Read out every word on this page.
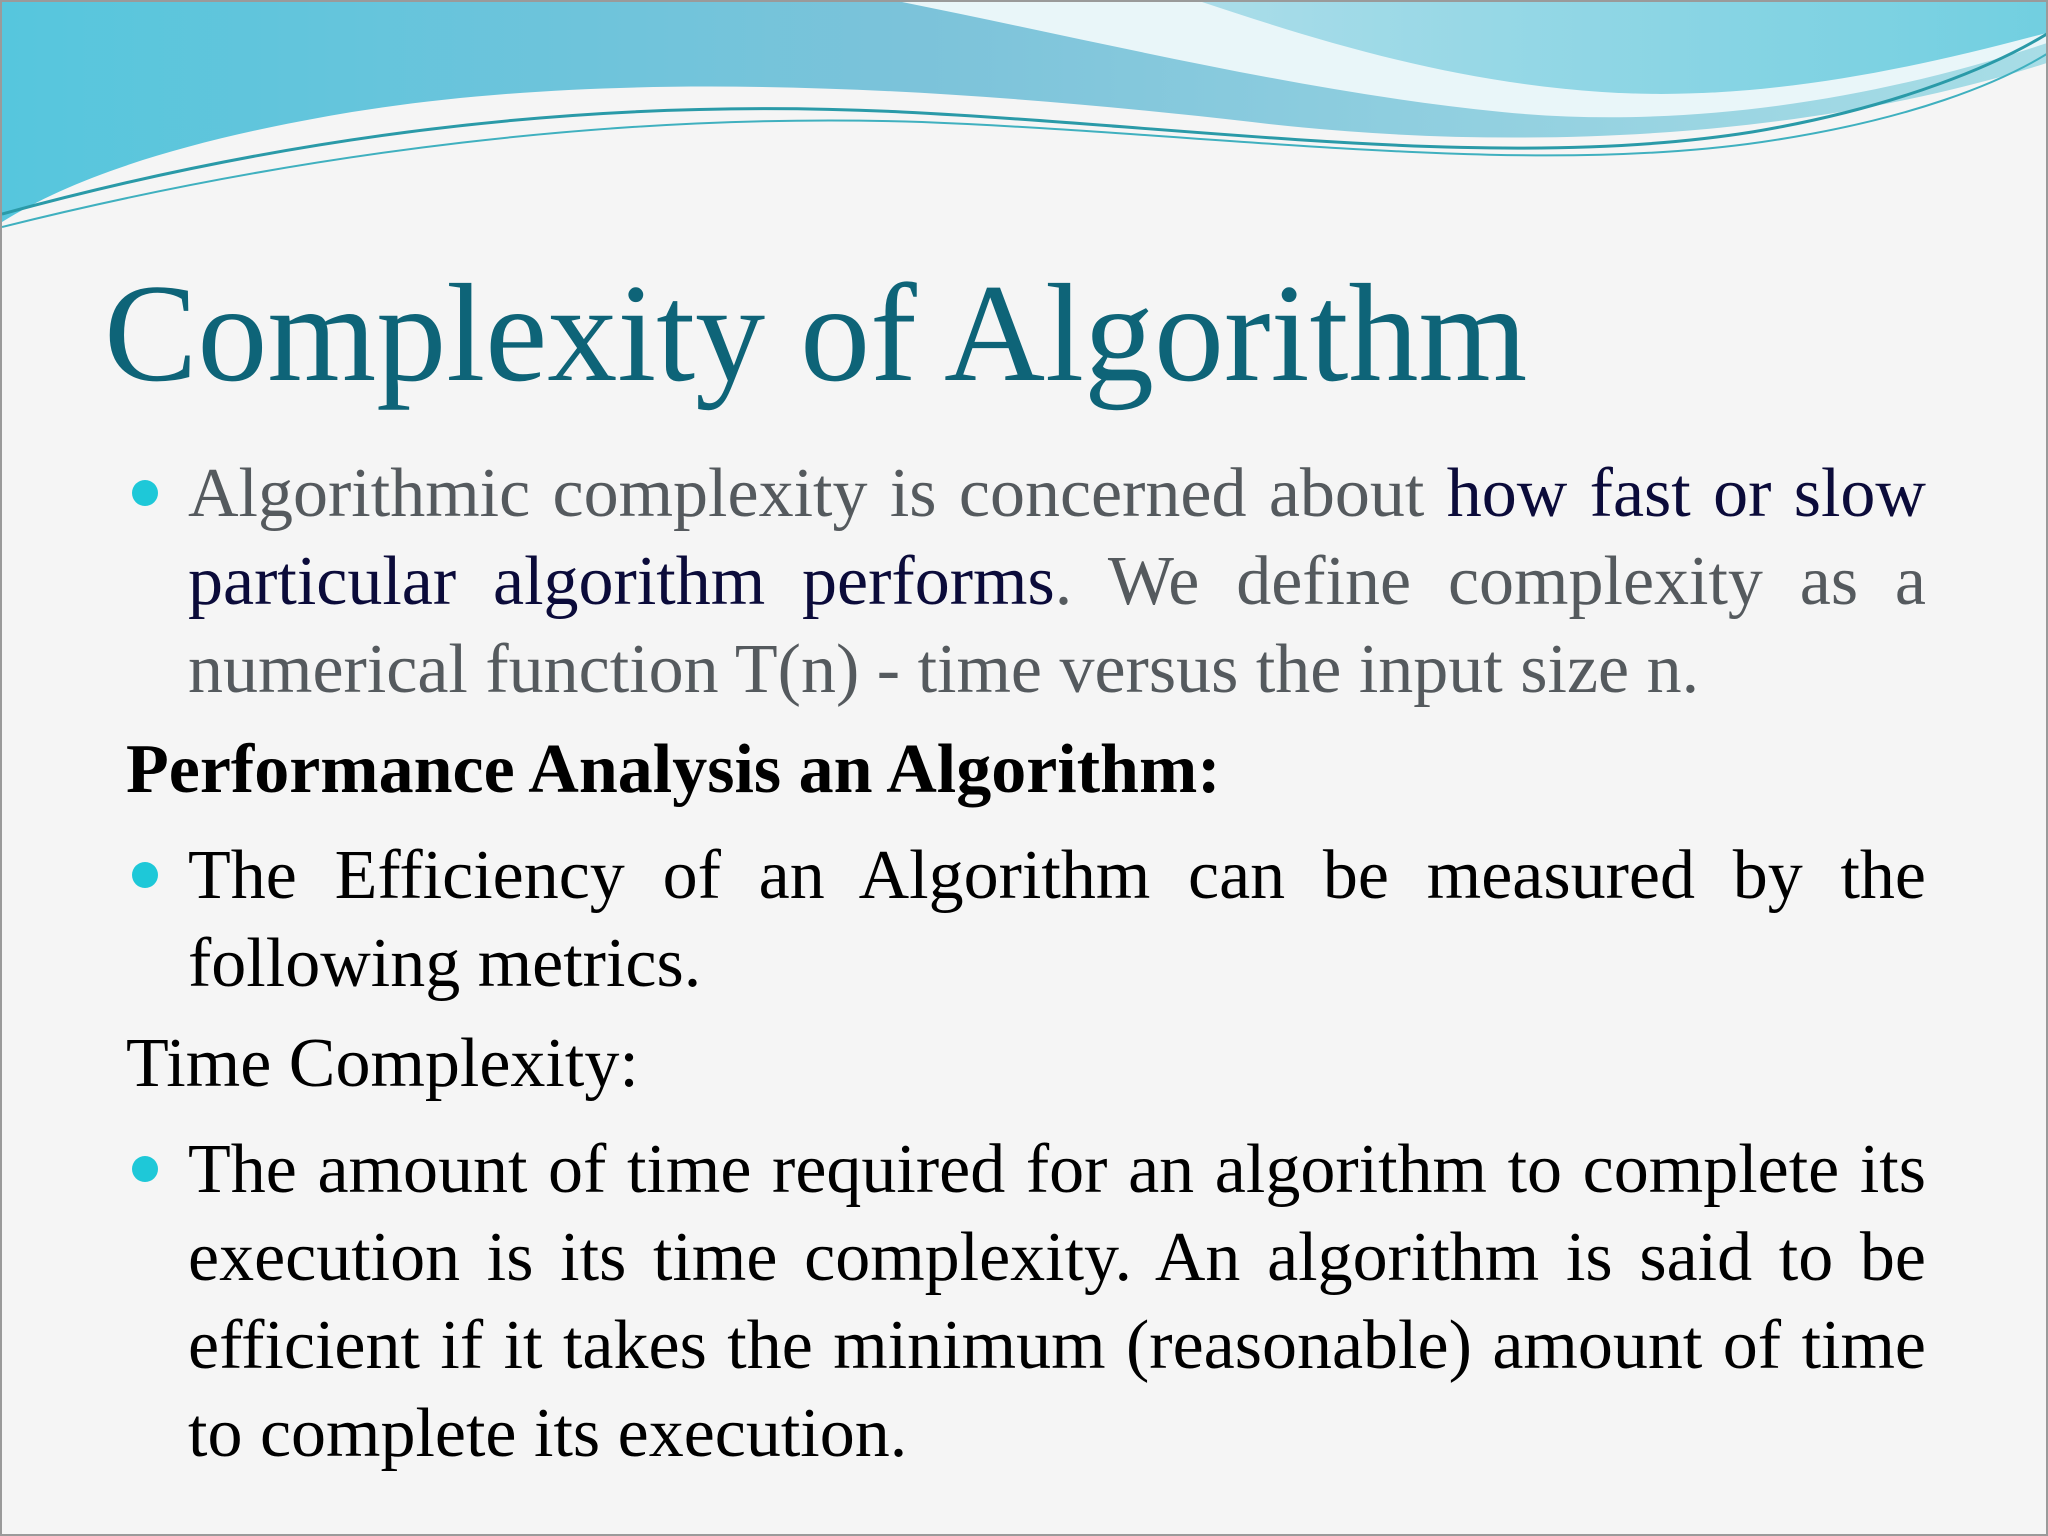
Complexity of Algorithm
Algorithmic complexity is concerned about how fast or slow particular algorithm performs. We define complexity as a numerical function T(n) - time versus the input size n.
Performance Analysis an Algorithm:
The Efficiency of an Algorithm can be measured by the following metrics.
Time Complexity:
The amount of time required for an algorithm to complete its execution is its time complexity. An algorithm is said to be efficient if it takes the minimum (reasonable) amount of time to complete its execution.
